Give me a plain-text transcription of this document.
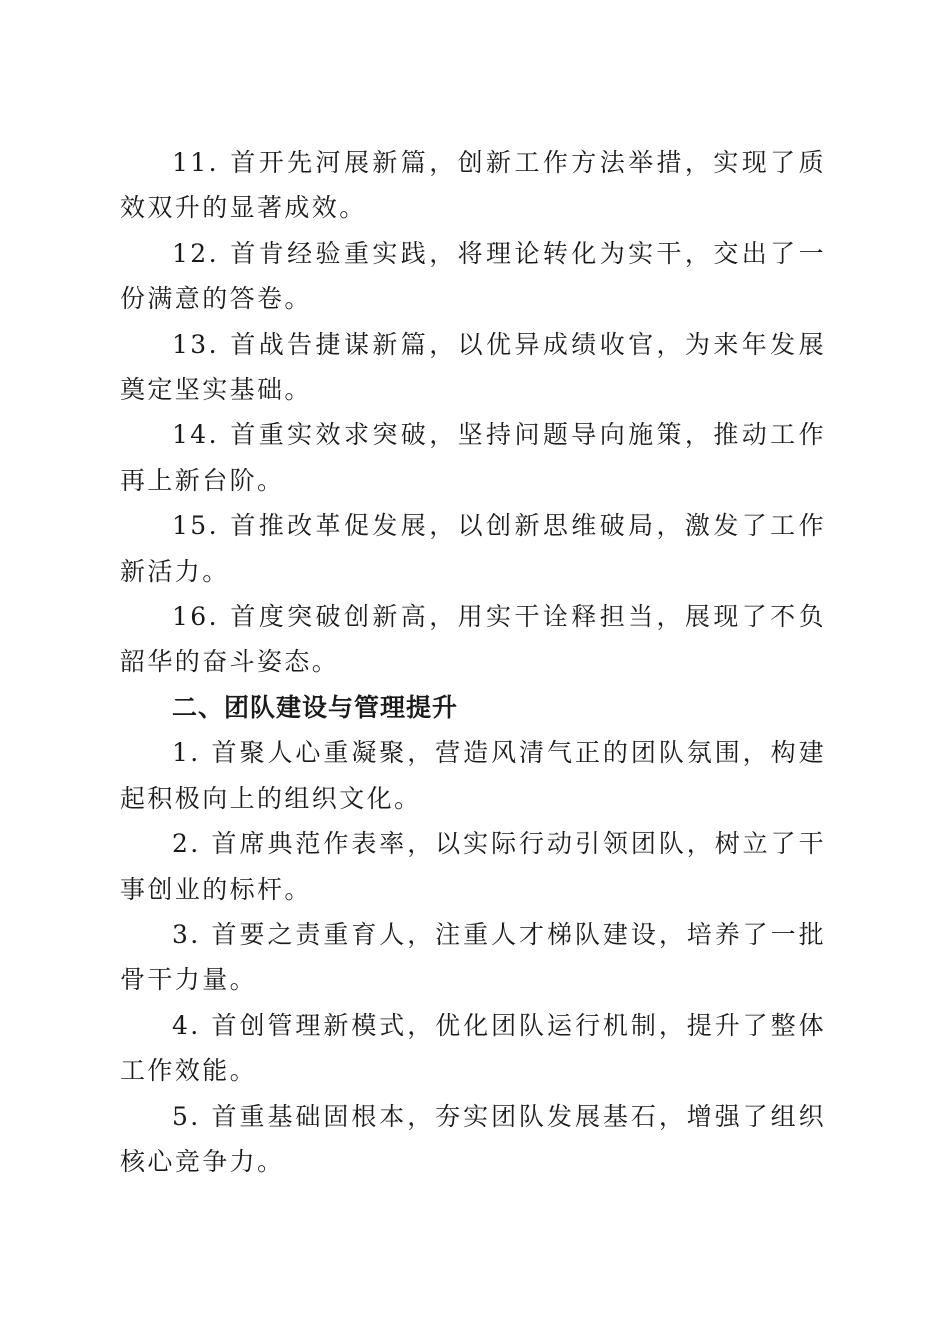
11. 首开先河展新篇，创新工作方法举措，实现了质效双升的显著成效。

12. 首肯经验重实践，将理论转化为实干，交出了一份满意的答卷。

13. 首战告捷谋新篇，以优异成绩收官，为来年发展奠定坚实基础。

14. 首重实效求突破，坚持问题导向施策，推动工作再上新台阶。

15. 首推改革促发展，以创新思维破局，激发了工作新活力。

16. 首度突破创新高，用实干诠释担当，展现了不负韶华的奋斗姿态。

二、团队建设与管理提升

1. 首聚人心重凝聚，营造风清气正的团队氛围，构建起积极向上的组织文化。

2. 首席典范作表率，以实际行动引领团队，树立了干事创业的标杆。

3. 首要之责重育人，注重人才梯队建设，培养了一批骨干力量。

4. 首创管理新模式，优化团队运行机制，提升了整体工作效能。

5. 首重基础固根本，夯实团队发展基石，增强了组织核心竞争力。
